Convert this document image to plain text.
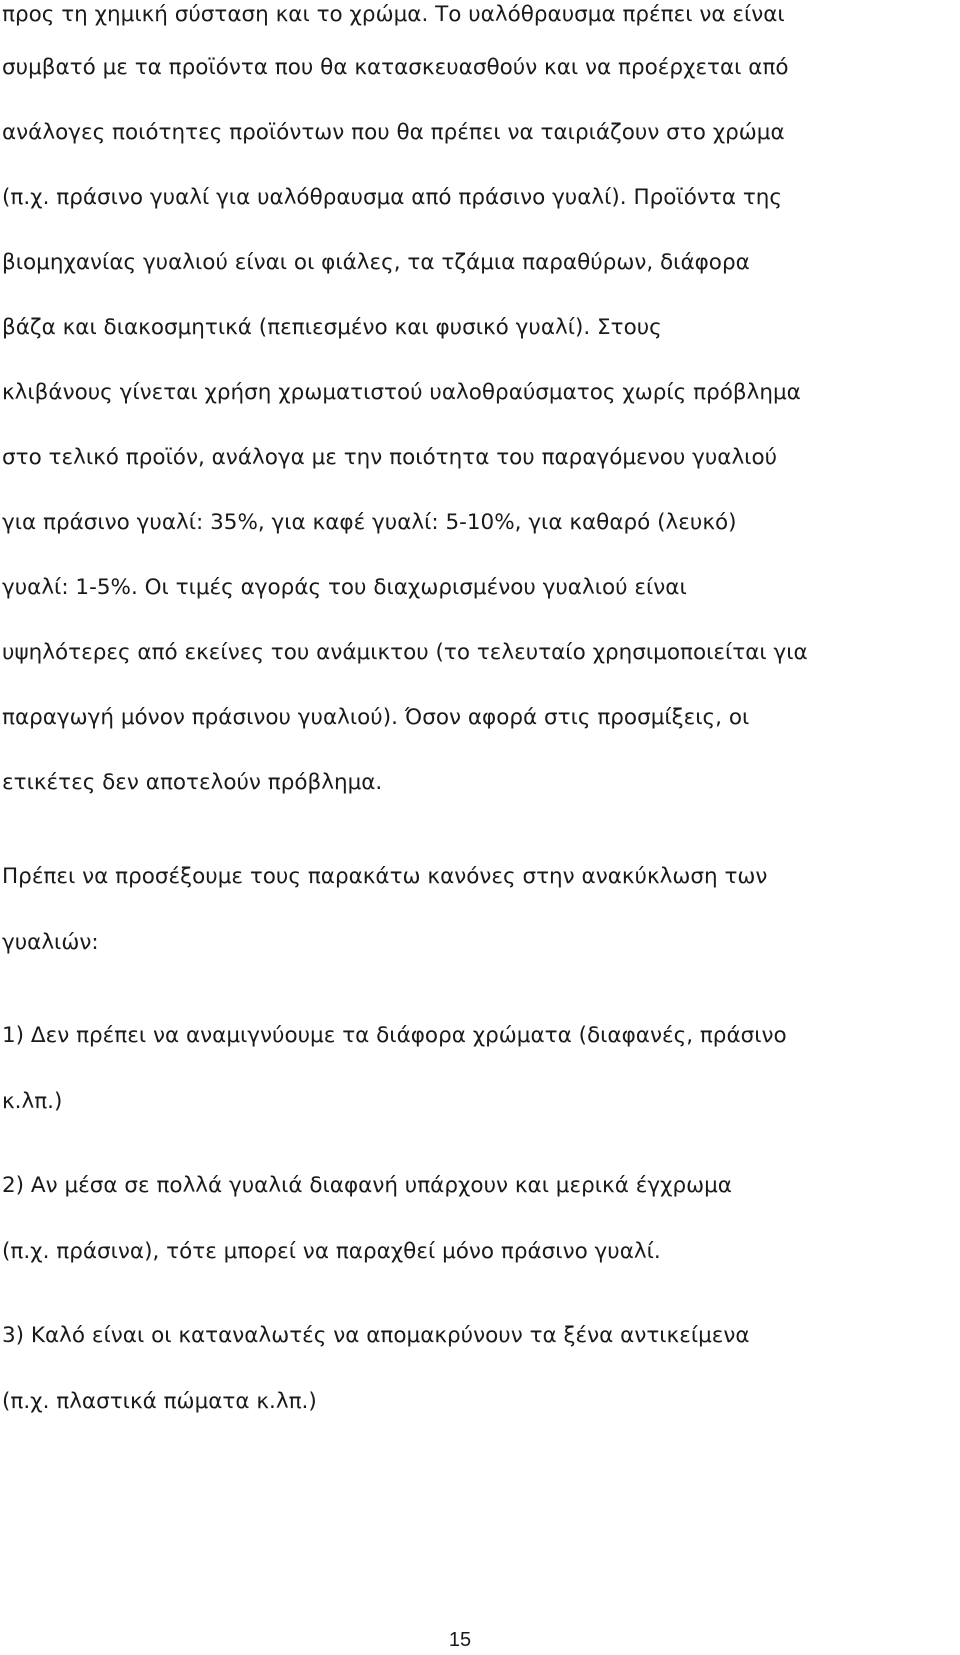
προς τη χημική σύσταση και το χρώμα. Το υαλόθραυσμα πρέπει να είναι
συμβατό με τα προϊόντα που θα κατασκευασθούν και να προέρχεται από
ανάλογες ποιότητες προϊόντων που θα πρέπει να ταιριάζουν στο χρώμα
(π.χ. πράσινο γυαλί για υαλόθραυσμα από πράσινο γυαλί). Προϊόντα της
βιομηχανίας γυαλιού είναι οι φιάλες, τα τζάμια παραθύρων, διάφορα
βάζα και διακοσμητικά (πεπιεσμένο και φυσικό γυαλί). Στους
κλιβάνους γίνεται χρήση χρωματιστού υαλοθραύσματος χωρίς πρόβλημα
στο τελικό προϊόν, ανάλογα με την ποιότητα του παραγόμενου γυαλιού
για πράσινο γυαλί: 35%, για καφέ γυαλί: 5-10%, για καθαρό (λευκό)
γυαλί: 1-5%. Οι τιμές αγοράς του διαχωρισμένου γυαλιού είναι
υψηλότερες από εκείνες του ανάμικτου (το τελευταίο χρησιμοποιείται για
παραγωγή μόνον πράσινου γυαλιού). Όσον αφορά στις προσμίξεις, οι
ετικέτες δεν αποτελούν πρόβλημα.
Πρέπει να προσέξουμε τους παρακάτω κανόνες στην ανακύκλωση των
γυαλιών:
1) Δεν πρέπει να αναμιγνύουμε τα διάφορα χρώματα (διαφανές, πράσινο
κ.λπ.)
2) Αν μέσα σε πολλά γυαλιά διαφανή υπάρχουν και μερικά έγχρωμα
(π.χ. πράσινα), τότε μπορεί να παραχθεί μόνο πράσινο γυαλί.
3) Καλό είναι οι καταναλωτές να απομακρύνουν τα ξένα αντικείμενα
(π.χ. πλαστικά πώματα κ.λπ.)
15
